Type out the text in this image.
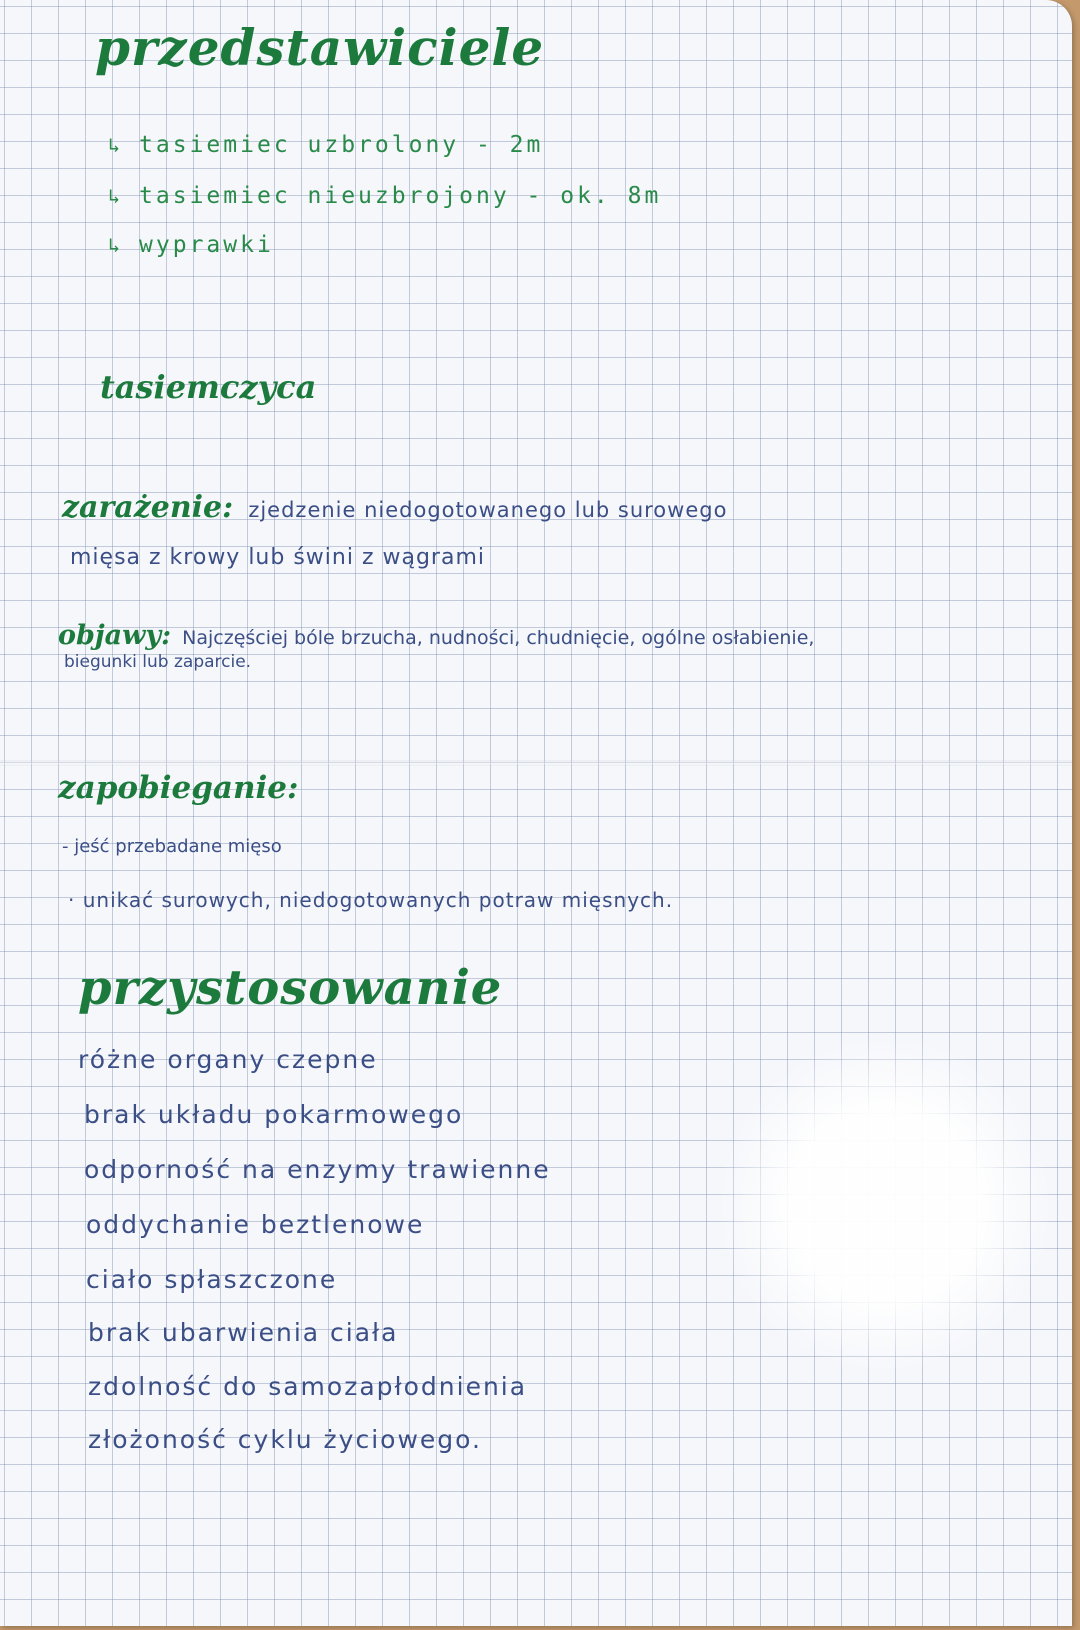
przedstawiciele
↳ tasiemiec uzbrolony - 2m
↳ tasiemiec nieuzbrojony - ok. 8m
↳ wyprawki
tasiemczyca
zarażenie: zjedzenie niedogotowanego lub surowego
mięsa z krowy lub świni z wągrami
objawy: Najczęściej bóle brzucha, nudności, chudnięcie, ogólne osłabienie,
biegunki lub zaparcie.
zapobieganie:
- jeść przebadane mięso
· unikać surowych, niedogotowanych potraw mięsnych.
przystosowanie
różne organy czepne
brak układu pokarmowego
odporność na enzymy trawienne
oddychanie beztlenowe
ciało spłaszczone
brak ubarwienia ciała
zdolność do samozapłodnienia
złożoność cyklu życiowego.
